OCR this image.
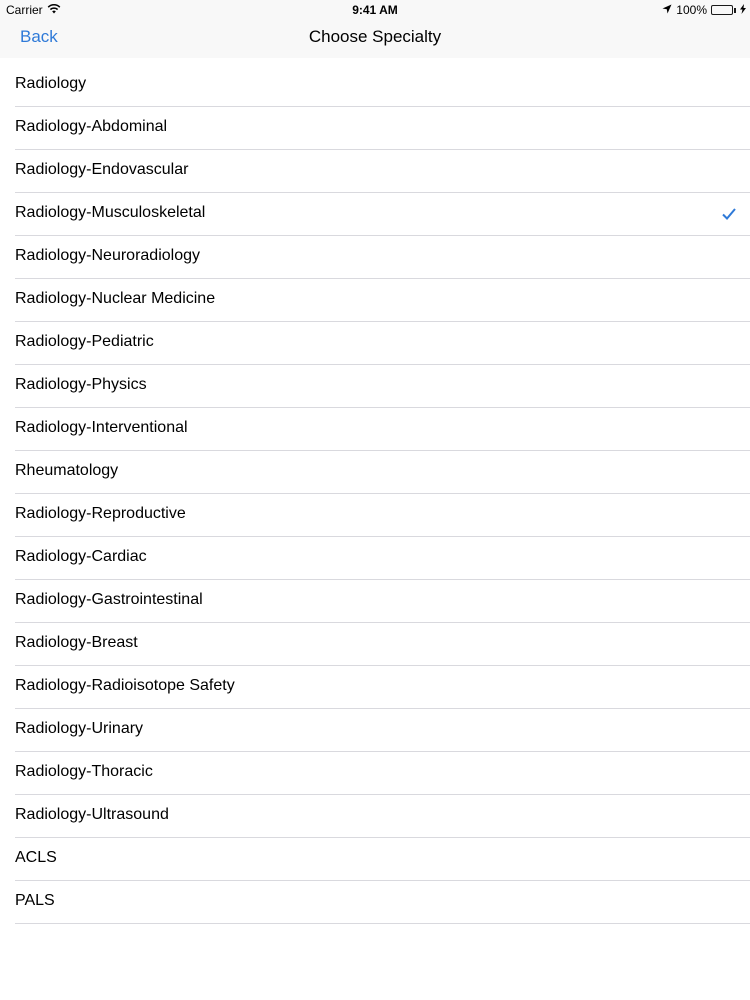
Carrier	9:41 AM	100%
Back	Choose Specialty
Radiology
Radiology-Abdominal
Radiology-Endovascular
Radiology-Musculoskeletal
Radiology-Neuroradiology
Radiology-Nuclear Medicine
Radiology-Pediatric
Radiology-Physics
Radiology-Interventional
Rheumatology
Radiology-Reproductive
Radiology-Cardiac
Radiology-Gastrointestinal
Radiology-Breast
Radiology-Radioisotope Safety
Radiology-Urinary
Radiology-Thoracic
Radiology-Ultrasound
ACLS
PALS
